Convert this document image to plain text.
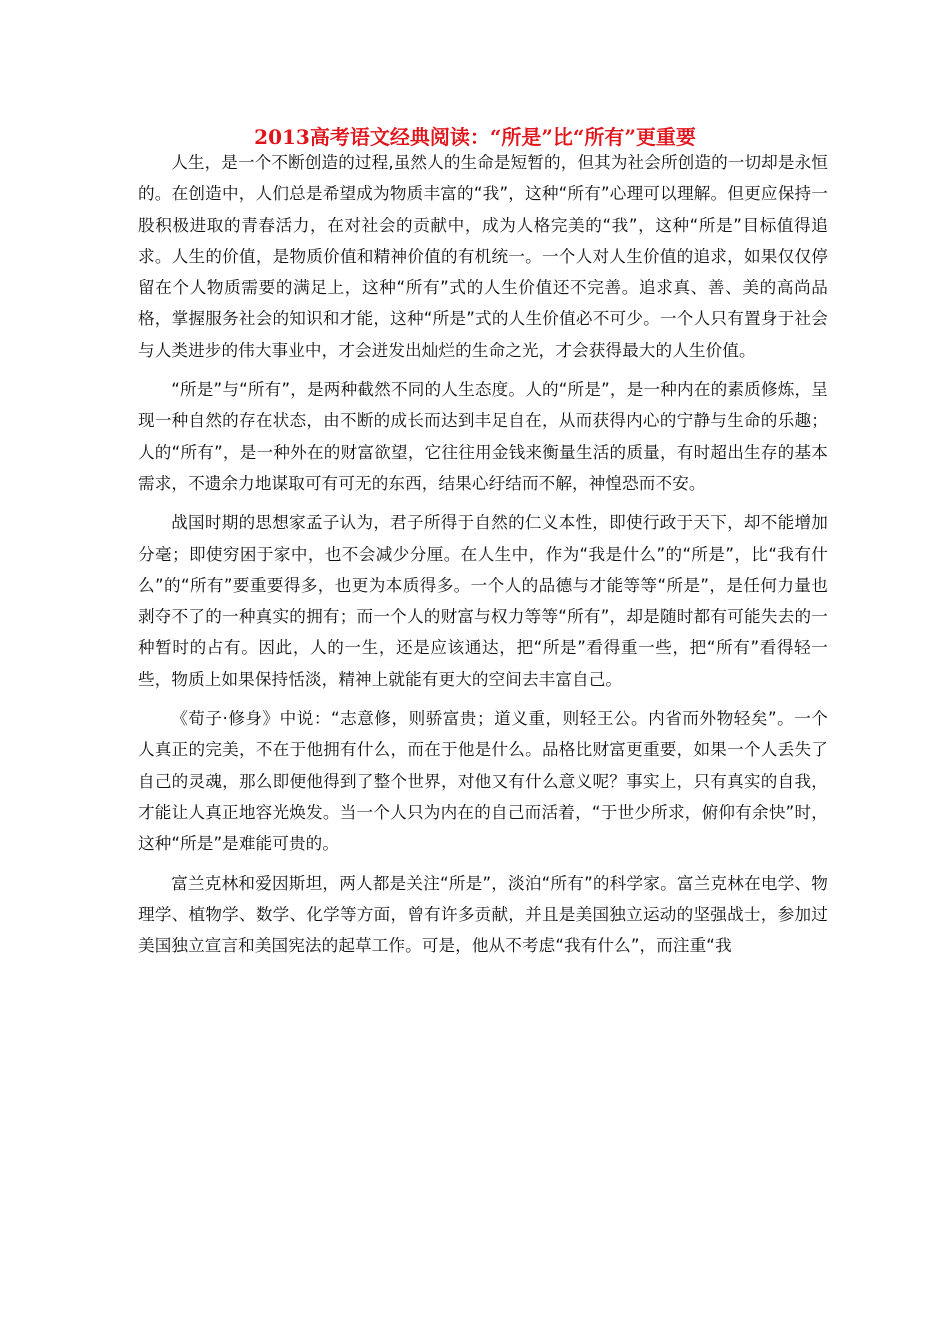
2013高考语文经典阅读：“所是”比“所有”更重要

人生，是一个不断创造的过程,虽然人的生命是短暂的，但其为社会所创造的一切却是永恒的。在创造中，人们总是希望成为物质丰富的“我”，这种“所有”心理可以理解。但更应保持一股积极进取的青春活力，在对社会的贡献中，成为人格完美的“我”，这种“所是”目标值得追求。人生的价值，是物质价值和精神价值的有机统一。一个人对人生价值的追求，如果仅仅停留在个人物质需要的满足上，这种“所有”式的人生价值还不完善。追求真、善、美的高尚品格，掌握服务社会的知识和才能，这种“所是”式的人生价值必不可少。一个人只有置身于社会与人类进步的伟大事业中，才会迸发出灿烂的生命之光，才会获得最大的人生价值。

“所是”与“所有”，是两种截然不同的人生态度。人的“所是”，是一种内在的素质修炼，呈现一种自然的存在状态，由不断的成长而达到丰足自在，从而获得内心的宁静与生命的乐趣；人的“所有”，是一种外在的财富欲望，它往往用金钱来衡量生活的质量，有时超出生存的基本需求，不遗余力地谋取可有可无的东西，结果心纡结而不解，神惶恐而不安。

战国时期的思想家孟子认为，君子所得于自然的仁义本性，即使行政于天下，却不能增加分毫；即使穷困于家中，也不会减少分厘。在人生中，作为“我是什么”的“所是”，比“我有什么”的“所有”要重要得多，也更为本质得多。一个人的品德与才能等等“所是”，是任何力量也剥夺不了的一种真实的拥有；而一个人的财富与权力等等“所有”，却是随时都有可能失去的一种暂时的占有。因此，人的一生，还是应该通达，把“所是”看得重一些，把“所有”看得轻一些，物质上如果保持恬淡，精神上就能有更大的空间去丰富自己。

《荀子·修身》中说：“志意修，则骄富贵；道义重，则轻王公。内省而外物轻矣”。一个人真正的完美，不在于他拥有什么，而在于他是什么。品格比财富更重要，如果一个人丢失了自己的灵魂，那么即便他得到了整个世界，对他又有什么意义呢？事实上，只有真实的自我，才能让人真正地容光焕发。当一个人只为内在的自己而活着，“于世少所求，俯仰有余快”时，这种“所是”是难能可贵的。

富兰克林和爱因斯坦，两人都是关注“所是”，淡泊“所有”的科学家。富兰克林在电学、物理学、植物学、数学、化学等方面，曾有许多贡献，并且是美国独立运动的坚强战士，参加过美国独立宣言和美国宪法的起草工作。可是，他从不考虑“我有什么”，而注重“我
